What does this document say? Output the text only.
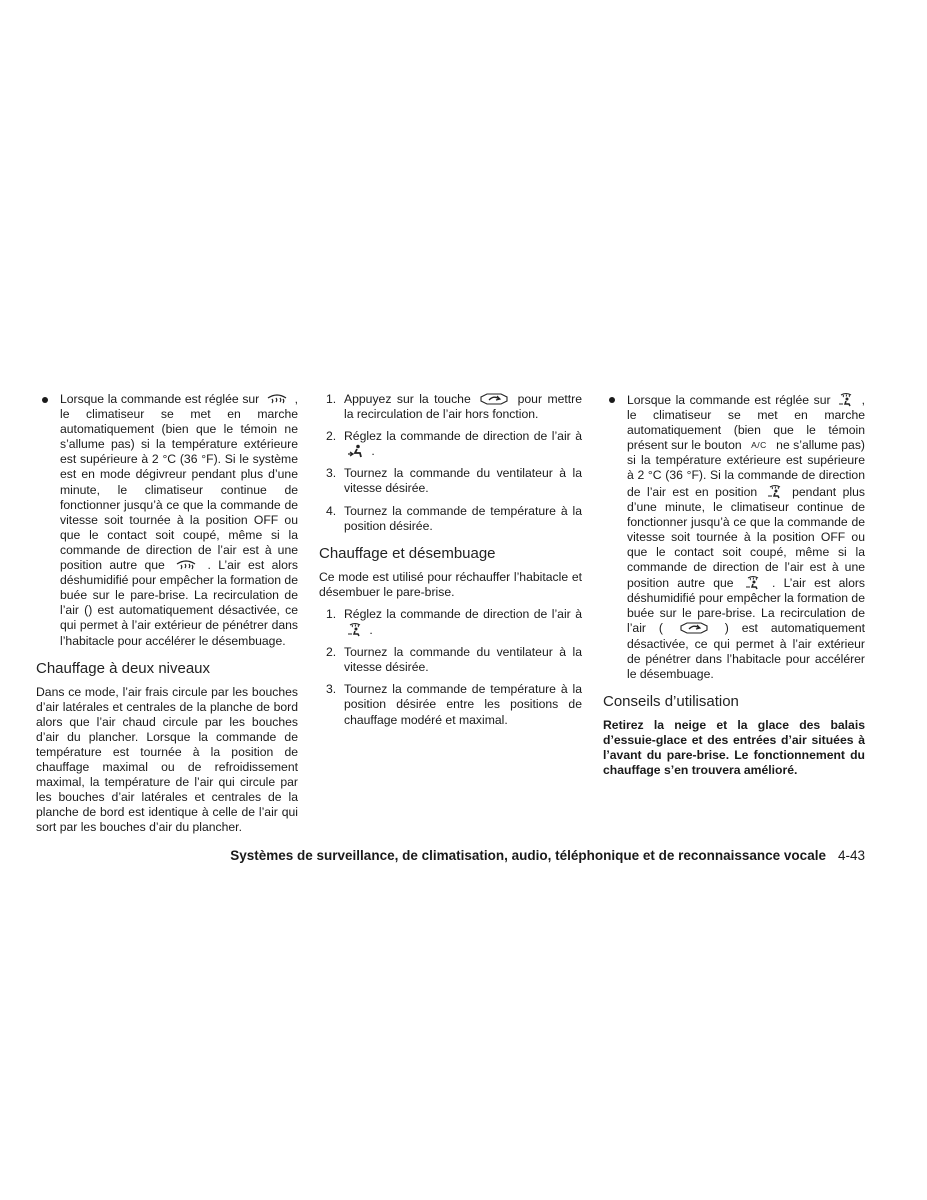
Lorsque la commande est réglée sur	, le climatiseur se met en marche automatiquement (bien que le témoin ne s’allume pas) si la température extérieure est supérieure à 2 °C (36 °F). Si le système est en mode dégivreur pendant plus d’une minute, le climatiseur continue de fonctionner jusqu’à ce que la commande de vitesse soit tournée à la position OFF ou que le contact soit coupé, même si la commande de direction de l’air est à une position autre que	. L’air est alors déshumidifié pour empêcher la formation de buée sur le pare-brise. La recirculation de l’air () est automatiquement désactivée, ce qui permet à l’air extérieur de pénétrer dans l’habitacle pour accélérer le désembuage.
Chauffage à deux niveaux

Dans ce mode, l’air frais circule par les bouches d’air latérales et centrales de la planche de bord alors que l’air chaud circule par les bouches d’air du plancher. Lorsque la commande de température est tournée à la position de chauffage maximal ou de refroidissement maximal, la température de l’air qui circule par les bouches d’air latérales et centrales de la planche de bord est identique à celle de l’air qui sort par les bouches d’air du plancher.

1. Appuyez sur la touche	pour mettre la recirculation de l’air hors fonction.
2. Réglez la commande de direction de l’air à  .
3. Tournez la commande du ventilateur à la vitesse désirée.
4. Tournez la commande de température à la position désirée.
Chauffage et désembuage

Ce mode est utilisé pour réchauffer l’habitacle et désembuer le pare-brise.

1. Réglez la commande de direction de l’air à  .
2. Tournez la commande du ventilateur à la vitesse désirée.
3. Tournez la commande de température à la position désirée entre les positions de chauffage modéré et maximal.
Lorsque la commande est réglée sur	, le climatiseur se met en marche automatiquement (bien que le témoin présent sur le bouton A/C ne s’allume pas) si la température extérieure est supérieure à 2 °C (36 °F). Si la commande de direction de l’air est en position	pendant plus d’une minute, le climatiseur continue de fonctionner jusqu’à ce que la commande de vitesse soit tournée à la position OFF ou que le contact soit coupé, même si la commande de direction de l’air est à une position autre que	. L’air est alors déshumidifié pour empêcher la formation de buée sur le pare-brise. La recirculation de l’air (	) est automatiquement désactivée, ce qui permet à l’air extérieur de pénétrer dans l’habitacle pour accélérer le désembuage.
Conseils d’utilisation

Retirez la neige et la glace des balais d’essuie-glace et des entrées d’air situées à l’avant du pare-brise. Le fonctionnement du chauffage s’en trouvera amélioré.

Systèmes de surveillance, de climatisation, audio, téléphonique et de reconnaissance vocale 4-43
